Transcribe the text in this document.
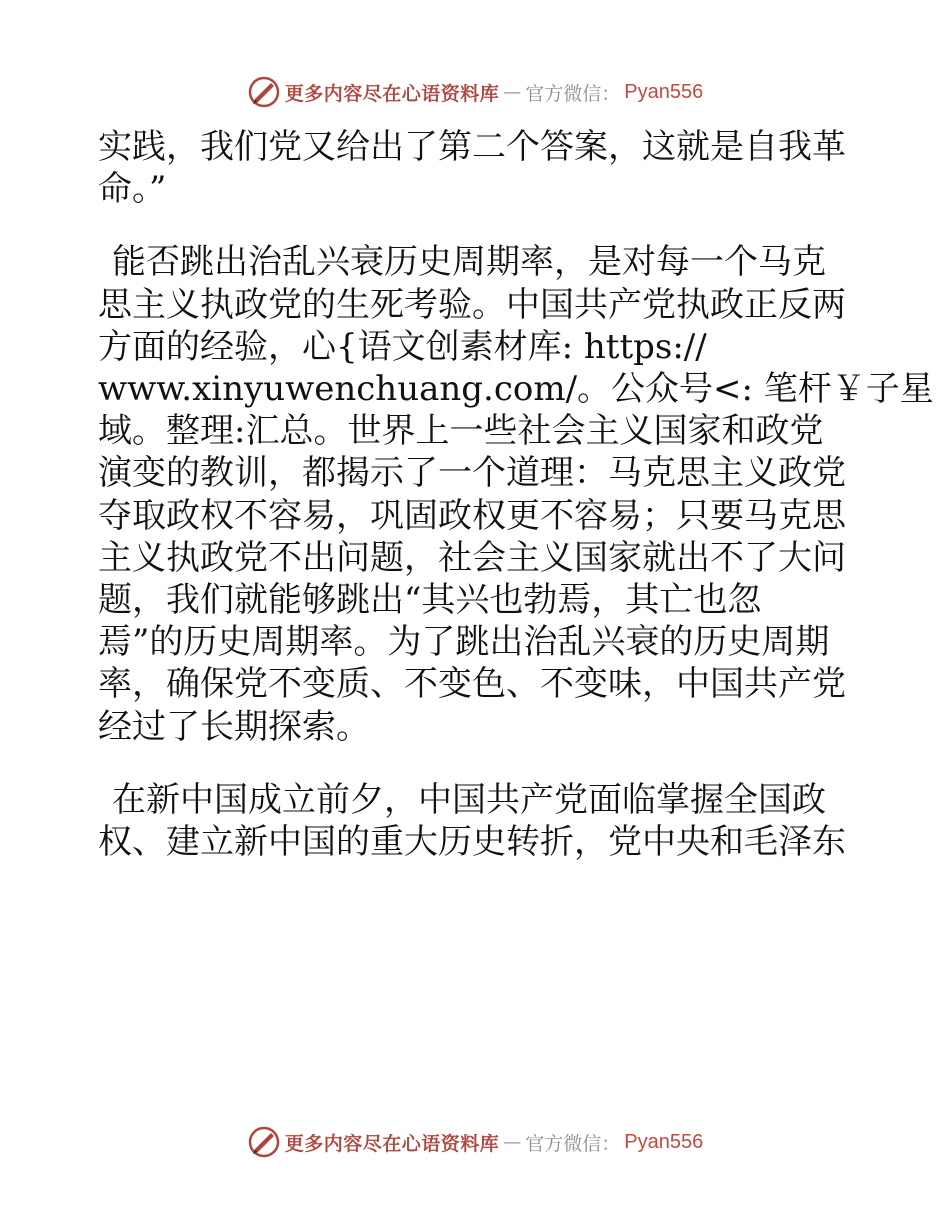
更多内容尽在心语资料库 — 官方微信： Pyan556

实践，我们党又给出了第二个答案，这就是自我革
命。”

能否跳出治乱兴衰历史周期率，是对每一个马克
思主义执政党的生死考验。中国共产党执政正反两
方面的经验，心{语文创素材库: https://
www.xinyuwenchuang.com/。公众号<: 笔杆￥子星
域。整理:汇总。世界上一些社会主义国家和政党
演变的教训，都揭示了一个道理：马克思主义政党
夺取政权不容易，巩固政权更不容易；只要马克思
主义执政党不出问题，社会主义国家就出不了大问
题，我们就能够跳出“其兴也勃焉，其亡也忽
焉”的历史周期率。为了跳出治乱兴衰的历史周期
率，确保党不变质、不变色、不变味，中国共产党
经过了长期探索。

在新中国成立前夕，中国共产党面临掌握全国政
权、建立新中国的重大历史转折，党中央和毛泽东

更多内容尽在心语资料库 — 官方微信： Pyan556
